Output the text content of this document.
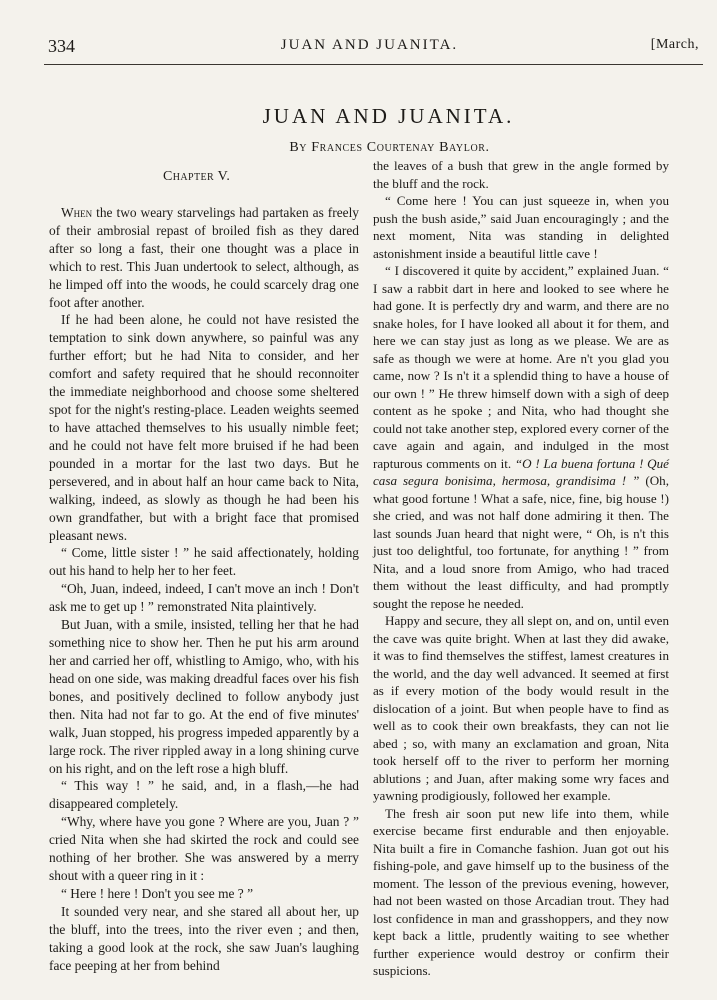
334	JUAN AND JUANITA.	[March,
JUAN AND JUANITA.
By Frances Courtenay Baylor.

Chapter V.

When the two weary starvelings had partaken as freely of their ambrosial repast of broiled fish as they dared after so long a fast, their one thought was a place in which to rest. This Juan undertook to select, although, as he limped off into the woods, he could scarcely drag one foot after another.

If he had been alone, he could not have resisted the temptation to sink down anywhere, so painful was any further effort; but he had Nita to consider, and her comfort and safety required that he should reconnoiter the immediate neighborhood and choose some sheltered spot for the night's resting-place. Leaden weights seemed to have attached themselves to his usually nimble feet; and he could not have felt more bruised if he had been pounded in a mortar for the last two days. But he persevered, and in about half an hour came back to Nita, walking, indeed, as slowly as though he had been his own grandfather, but with a bright face that promised pleasant news.

“ Come, little sister ! ” he said affectionately, holding out his hand to help her to her feet.

“Oh, Juan, indeed, indeed, I can't move an inch ! Don't ask me to get up ! ” remonstrated Nita plaintively.

But Juan, with a smile, insisted, telling her that he had something nice to show her. Then he put his arm around her and carried her off, whistling to Amigo, who, with his head on one side, was making dreadful faces over his fish bones, and positively declined to follow anybody just then. Nita had not far to go. At the end of five minutes' walk, Juan stopped, his progress impeded apparently by a large rock. The river rippled away in a long shining curve on his right, and on the left rose a high bluff.

“ This way ! ” he said, and, in a flash,—he had disappeared completely.

“Why, where have you gone ? Where are you, Juan ? ” cried Nita when she had skirted the rock and could see nothing of her brother. She was answered by a merry shout with a queer ring in it :

“ Here ! here ! Don't you see me ? ”

It sounded very near, and she stared all about her, up the bluff, into the trees, into the river even ; and then, taking a good look at the rock, she saw Juan's laughing face peeping at her from behind

the leaves of a bush that grew in the angle formed by the bluff and the rock.

“ Come here ! You can just squeeze in, when you push the bush aside,” said Juan encouragingly ; and the next moment, Nita was standing in delighted astonishment inside a beautiful little cave !

“ I discovered it quite by accident,” explained Juan. “ I saw a rabbit dart in here and looked to see where he had gone. It is perfectly dry and warm, and there are no snake holes, for I have looked all about it for them, and here we can stay just as long as we please. We are as safe as though we were at home. Are n't you glad you came, now ? Is n't it a splendid thing to have a house of our own ! ” He threw himself down with a sigh of deep content as he spoke ; and Nita, who had thought she could not take another step, explored every corner of the cave again and again, and indulged in the most rapturous comments on it. “O ! La buena fortuna ! Qué casa segura bonisima, hermosa, grandisima ! ” (Oh, what good fortune ! What a safe, nice, fine, big house !) she cried, and was not half done admiring it then. The last sounds Juan heard that night were, “ Oh, is n't this just too delightful, too fortunate, for anything ! ” from Nita, and a loud snore from Amigo, who had traced them without the least difficulty, and had promptly sought the repose he needed.

Happy and secure, they all slept on, and on, until even the cave was quite bright. When at last they did awake, it was to find themselves the stiffest, lamest creatures in the world, and the day well advanced. It seemed at first as if every motion of the body would result in the dislocation of a joint. But when people have to find as well as to cook their own breakfasts, they can not lie abed ; so, with many an exclamation and groan, Nita took herself off to the river to perform her morning ablutions ; and Juan, after making some wry faces and yawning prodigiously, followed her example.

The fresh air soon put new life into them, while exercise became first endurable and then enjoyable. Nita built a fire in Comanche fashion. Juan got out his fishing-pole, and gave himself up to the business of the moment. The lesson of the previous evening, however, had not been wasted on those Arcadian trout. They had lost confidence in man and grasshoppers, and they now kept back a little, prudently waiting to see whether further experience would destroy or confirm their suspicions.
